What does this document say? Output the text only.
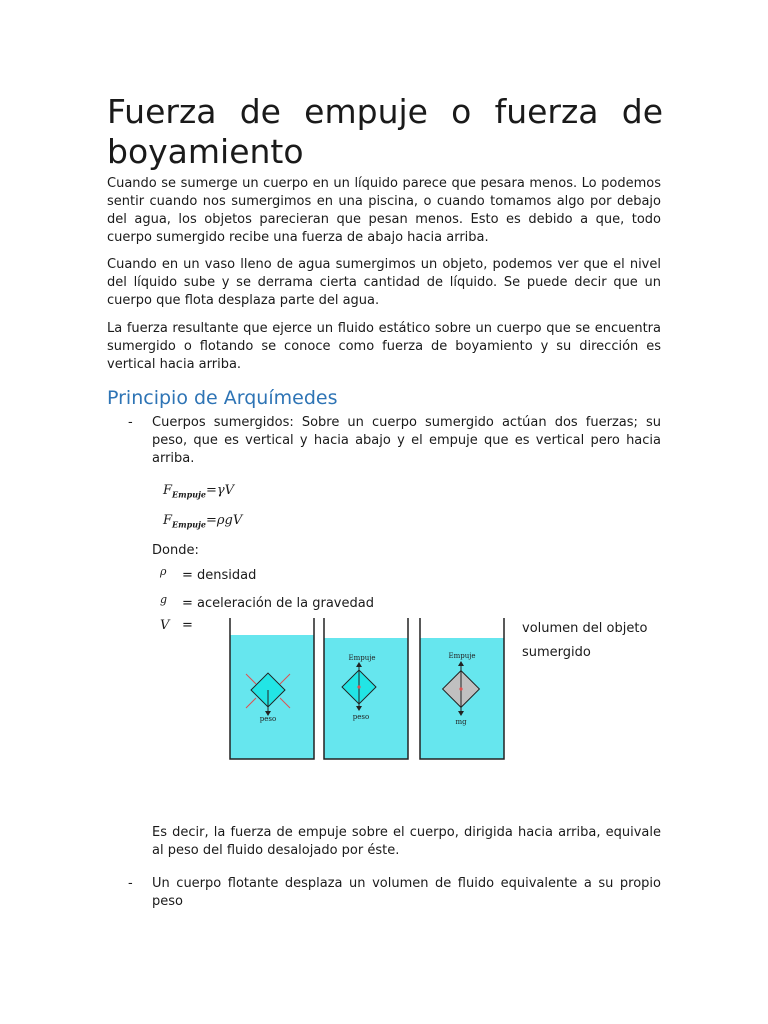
Fuerza de empuje o fuerza de
boyamiento

Cuando se sumerge un cuerpo en un líquido parece que pesara menos. Lo podemos sentir cuando nos sumergimos en una piscina, o cuando tomamos algo por debajo del agua, los objetos parecieran que pesan menos. Esto es debido a que, todo cuerpo sumergido recibe una fuerza de abajo hacia arriba.

Cuando en un vaso lleno de agua sumergimos un objeto, podemos ver que el nivel del líquido sube y se derrama cierta cantidad de líquido. Se puede decir que un cuerpo que flota desplaza parte del agua.

La fuerza resultante que ejerce un fluido estático sobre un cuerpo que se encuentra sumergido o flotando se conoce como fuerza de boyamiento y su dirección es vertical hacia arriba.

Principio de Arquímedes
- Cuerpos sumergidos: Sobre un cuerpo sumergido actúan dos fuerzas; su peso, que es vertical y hacia abajo y el empuje que es vertical pero hacia arriba.

$F_{Empuje}=\gamma V$
$F_{Empuje}=\rho gV$
Donde:
ρ = densidad
g = aceleración de la gravedad
V =
peso
Empuje
peso
Empuje
mg
volumen del objeto sumergido

Es decir, la fuerza de empuje sobre el cuerpo, dirigida hacia arriba, equivale al peso del fluido desalojado por éste.

- Un cuerpo flotante desplaza un volumen de fluido equivalente a su propio peso
